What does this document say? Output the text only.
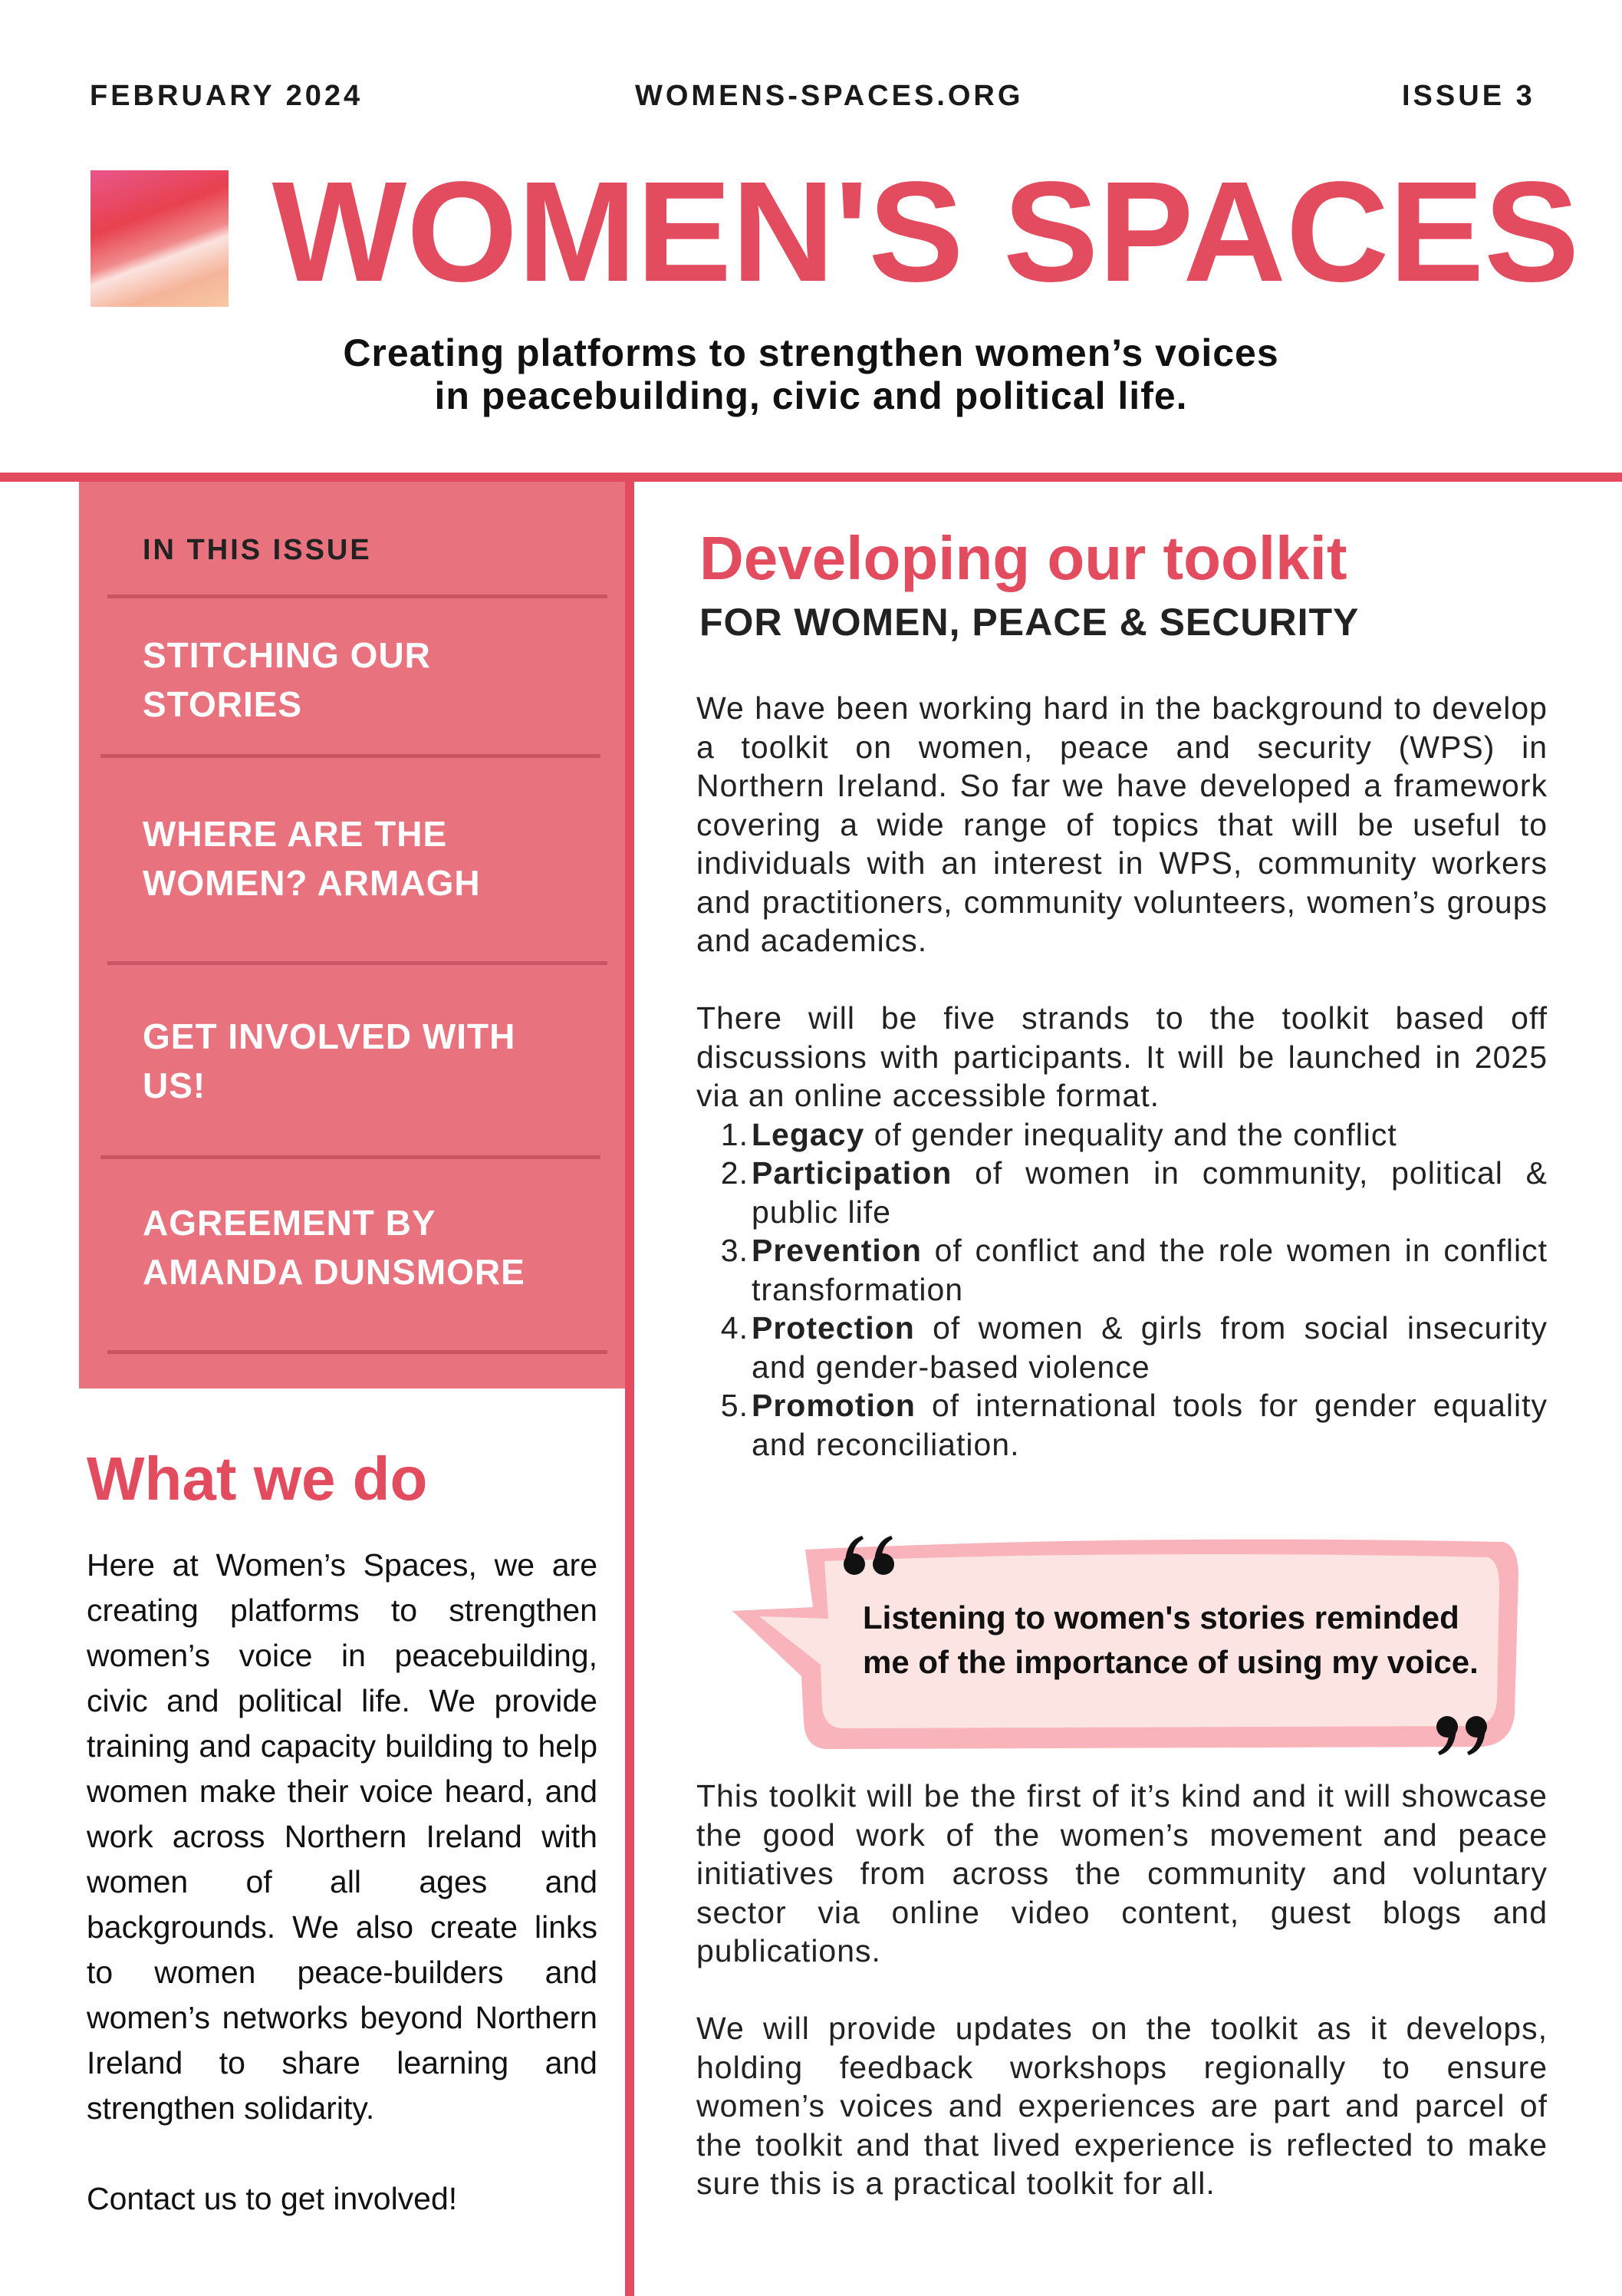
FEBRUARY 2024	WOMENS-SPACES.ORG	ISSUE 3
WOMEN'S SPACES
Creating platforms to strengthen women’s voices
in peacebuilding, civic and political life.
IN THIS ISSUE
STITCHING OUR
STORIES
WHERE ARE THE
WOMEN? ARMAGH
GET INVOLVED WITH
US!
AGREEMENT BY
AMANDA DUNSMORE
What we do

Here at Women’s Spaces, we are creating platforms to strengthen women’s voice in peacebuilding, civic and political life. We provide training and capacity building to help women make their voice heard, and work across Northern Ireland with women of all ages and backgrounds. We also create links to women peace-builders and women’s networks beyond Northern Ireland to share learning and strengthen solidarity.

Contact us to get involved!
Developing our toolkit
FOR WOMEN, PEACE & SECURITY

We have been working hard in the background to develop a toolkit on women, peace and security (WPS) in Northern Ireland. So far we have developed a framework covering a wide range of topics that will be useful to individuals with an interest in WPS, community workers and practitioners, community volunteers, women’s groups and academics.

There will be five strands to the toolkit based off discussions with participants. It will be launched in 2025 via an online accessible format.
1. Legacy of gender inequality and the conflict
2. Participation of women in community, political & public life
3. Prevention of conflict and the role women in conflict transformation
4. Protection of women & girls from social insecurity and gender-based violence
5. Promotion of international tools for gender equality and reconciliation.
Listening to women's stories reminded
me of the importance of using my voice.

This toolkit will be the first of it’s kind and it will showcase the good work of the women’s movement and peace initiatives from across the community and voluntary sector via online video content, guest blogs and publications.

We will provide updates on the toolkit as it develops, holding feedback workshops regionally to ensure women’s voices and experiences are part and parcel of the toolkit and that lived experience is reflected to make sure this is a practical toolkit for all.
